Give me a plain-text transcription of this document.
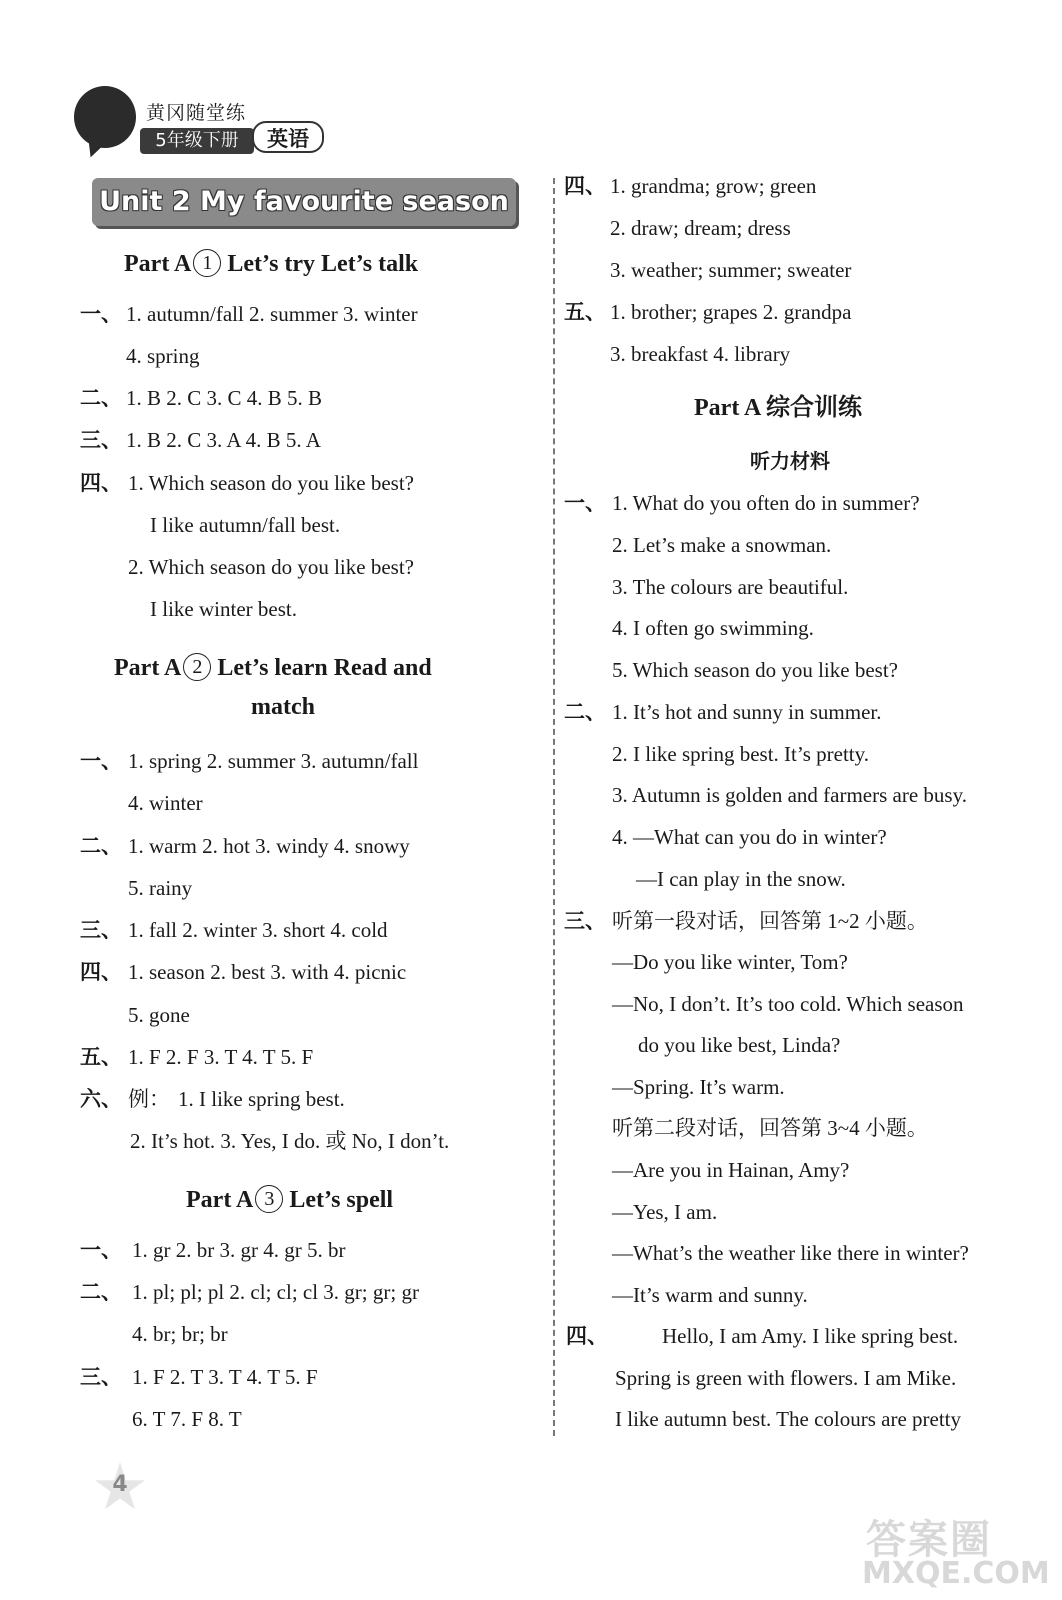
黄冈随堂练
5年级下册	英语
Unit 2 My favourite season
Part A 1 Let’s try Let’s talk
一、 1. autumn/fall 2. summer 3. winter
4. spring
二、 1. B 2. C 3. C 4. B 5. B
三、 1. B 2. C 3. A 4. B 5. A
四、 1. Which season do you like best?
I like autumn/fall best.
2. Which season do you like best?
I like winter best.
Part A 2 Let’s learn Read and
match
一、 1. spring 2. summer 3. autumn/fall
4. winter
二、 1. warm 2. hot 3. windy 4. snowy
5. rainy
三、 1. fall 2. winter 3. short 4. cold
四、 1. season 2. best 3. with 4. picnic
5. gone
五、 1. F 2. F 3. T 4. T 5. F
六、 例： 1. I like spring best.
2. It’s hot. 3. Yes, I do. 或 No, I don’t.
Part A 3 Let’s spell
一、 1. gr 2. br 3. gr 4. gr 5. br
二、 1. pl; pl; pl 2. cl; cl; cl 3. gr; gr; gr
4. br; br; br
三、 1. F 2. T 3. T 4. T 5. F
6. T 7. F 8. T
四、 1. grandma; grow; green
2. draw; dream; dress
3. weather; summer; sweater
五、 1. brother; grapes 2. grandpa
3. breakfast 4. library
Part A 综合训练
听力材料
一、 1. What do you often do in summer?
2. Let’s make a snowman.
3. The colours are beautiful.
4. I often go swimming.
5. Which season do you like best?
二、 1. It’s hot and sunny in summer.
2. I like spring best. It’s pretty.
3. Autumn is golden and farmers are busy.
4. —What can you do in winter?
—I can play in the snow.
三、 听第一段对话，回答第 1~2 小题。
—Do you like winter, Tom?
—No, I don’t. It’s too cold. Which season
do you like best, Linda?
—Spring. It’s warm.
听第二段对话，回答第 3~4 小题。
—Are you in Hainan, Amy?
—Yes, I am.
—What’s the weather like there in winter?
—It’s warm and sunny.
四、	Hello, I am Amy. I like spring best.
Spring is green with flowers. I am Mike.
I like autumn best. The colours are pretty
4
答案圈
MXQE.COM
